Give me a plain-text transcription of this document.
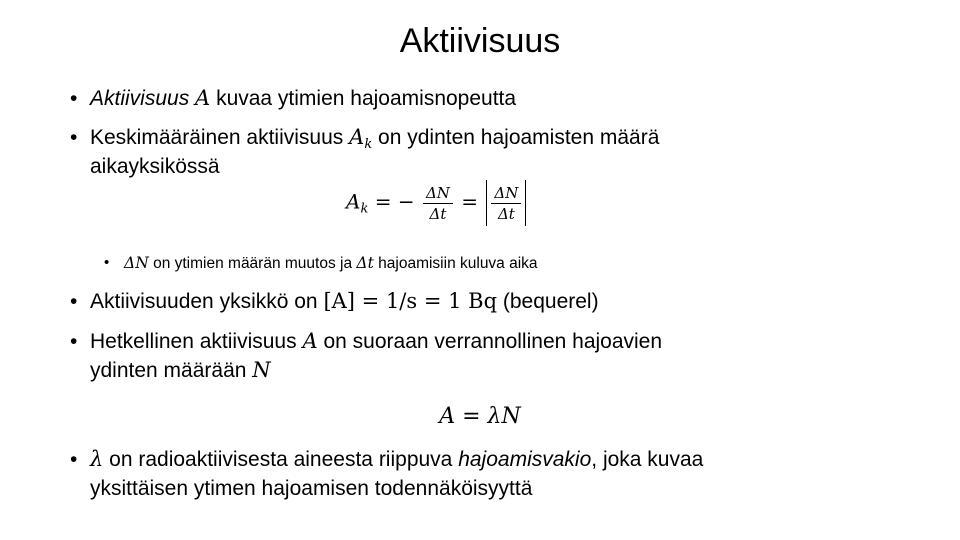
Aktiivisuus
• Aktiivisuus A kuvaa ytimien hajoamisnopeutta
• Keskimääräinen aktiivisuus $A_k$ on ydinten hajoamisten määrä
aikayksikössä
$A_k$ = − $\frac{\Delta N}{\Delta t} = \frac{\Delta N}{\Delta t}$
• ΔN on ytimien määrän muutos ja Δt hajoamisiin kuluva aika
• Aktiivisuuden yksikkö on [A] = 1/s = 1 Bq (bequerel)
• Hetkellinen aktiivisuus A on suoraan verrannollinen hajoavien
ydinten määrään N
A = λN
• λ on radioaktiivisesta aineesta riippuva hajoamisvakio, joka kuvaa
yksittäisen ytimen hajoamisen todennäköisyyttä
